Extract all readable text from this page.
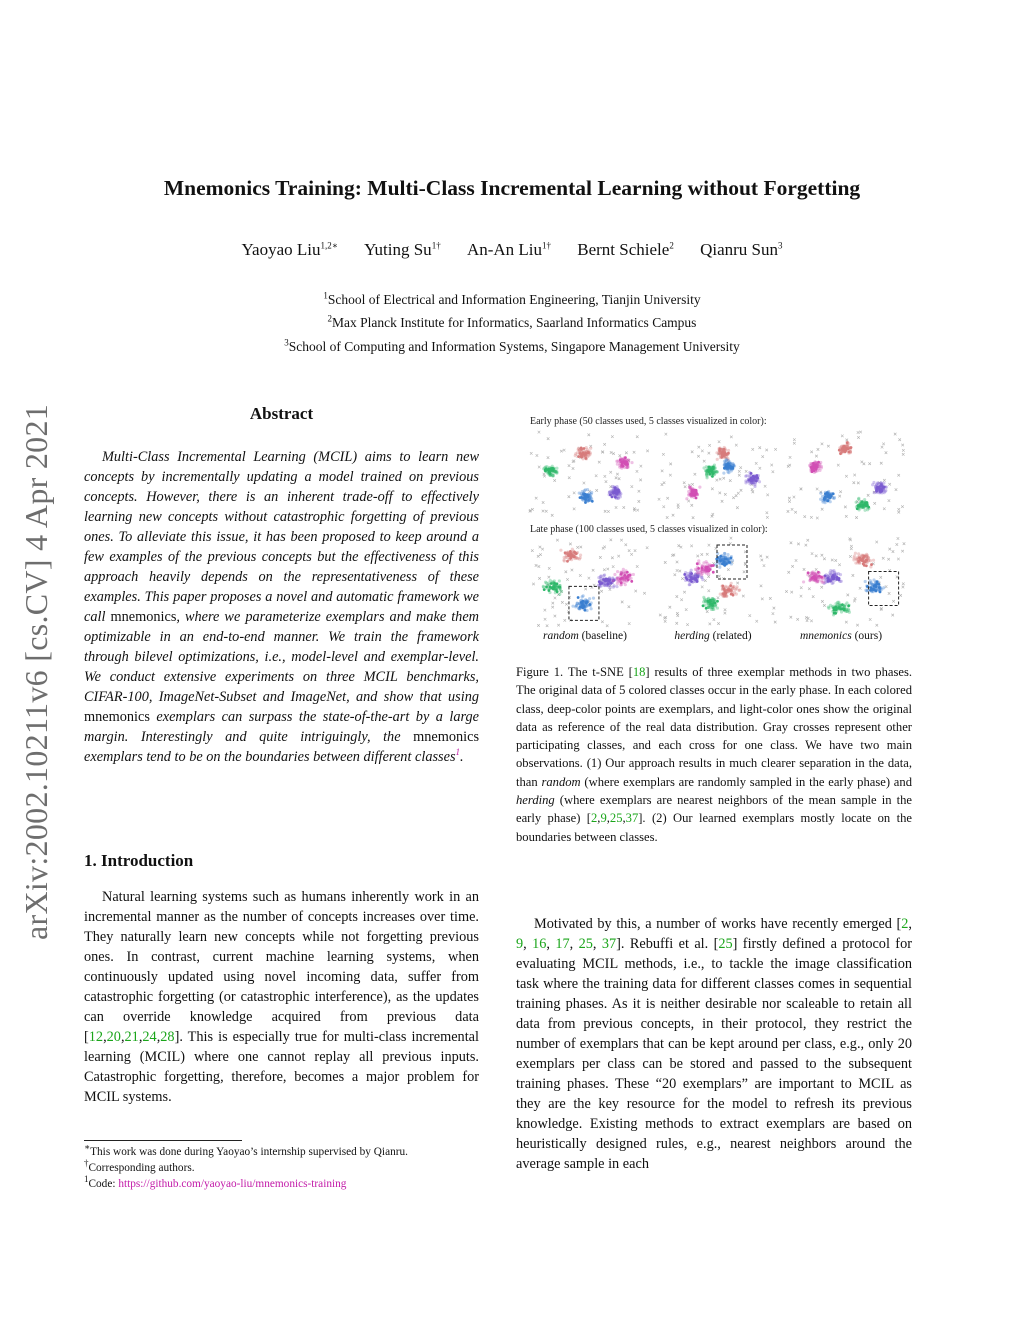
arXiv:2002.10211v6 [cs.CV] 4 Apr 2021
Mnemonics Training: Multi-Class Incremental Learning without Forgetting
Yaoyao Liu$^{1,2∗}$ Yuting $Su^{1\dagger}$ An-An Liu$^{1\dagger}$ Bernt Schiele$^2$ Qianru Sun$^3$
$^1$School of Electrical and Information Engineering, Tianjin University
$^2$Max Planck Institute for Informatics, Saarland Informatics Campus
$^3$School of Computing and Information Systems, Singapore Management University
Abstract
Multi-Class Incremental Learning (MCIL) aims to learn new concepts by incrementally updating a model trained on previous concepts. However, there is an inherent trade-off to effectively learning new concepts without catastrophic forgetting of previous ones. To alleviate this issue, it has been proposed to keep around a few examples of the previous concepts but the effectiveness of this approach heavily depends on the representativeness of these examples. This paper proposes a novel and automatic framework we call mnemonics, where we parameterize exemplars and make them optimizable in an end-to-end manner. We train the framework through bilevel optimizations, i.e., model-level and exemplar-level. We conduct extensive experiments on three MCIL benchmarks, CIFAR-100, ImageNet-Subset and ImageNet, and show that using mnemonics exemplars can surpass the state-of-the-art by a large margin. Interestingly and quite intriguingly, the mnemonics exemplars tend to be on the boundaries between different classes$^1$.
1. Introduction
Natural learning systems such as humans inherently work in an incremental manner as the number of concepts increases over time. They naturally learn new concepts while not forgetting previous ones. In contrast, current machine learning systems, when continuously updated using novel incoming data, suffer from catastrophic forgetting (or catastrophic interference), as the updates can override knowledge acquired from previous data [12,20,21,24,28]. This is especially true for multi-class incremental learning (MCIL) where one cannot replay all previous inputs. Catastrophic forgetting, therefore, becomes a major problem for MCIL systems.
∗This work was done during Yaoyao’s internship supervised by Qianru.
†Corresponding authors.
$^1$Code: https://github.com/yaoyao-liu/mnemonics-training
Early phase (50 classes used, 5 classes visualized in color):
Late phase (100 classes used, 5 classes visualized in color):
random (baseline)	herding (related)	mnemonics (ours)
Figure 1. The t-SNE [18] results of three exemplar methods in two phases. The original data of 5 colored classes occur in the early phase. In each colored class, deep-color points are exemplars, and light-color ones show the original data as reference of the real data distribution. Gray crosses represent other participating classes, and each cross for one class. We have two main observations. (1) Our approach results in much clearer separation in the data, than random (where exemplars are randomly sampled in the early phase) and herding (where exemplars are nearest neighbors of the mean sample in the early phase) [2,9,25,37]. (2) Our learned exemplars mostly locate on the boundaries between classes.
Motivated by this, a number of works have recently emerged [2, 9, 16, 17, 25, 37]. Rebuffi et al. [25] firstly defined a protocol for evaluating MCIL methods, i.e., to tackle the image classification task where the training data for different classes comes in sequential training phases. As it is neither desirable nor scaleable to retain all data from previous concepts, in their protocol, they restrict the number of exemplars that can be kept around per class, e.g., only 20 exemplars per class can be stored and passed to the subsequent training phases. These “20 exemplars” are important to MCIL as they are the key resource for the model to refresh its previous knowledge. Existing methods to extract exemplars are based on heuristically designed rules, e.g., nearest neighbors around the average sample in each
